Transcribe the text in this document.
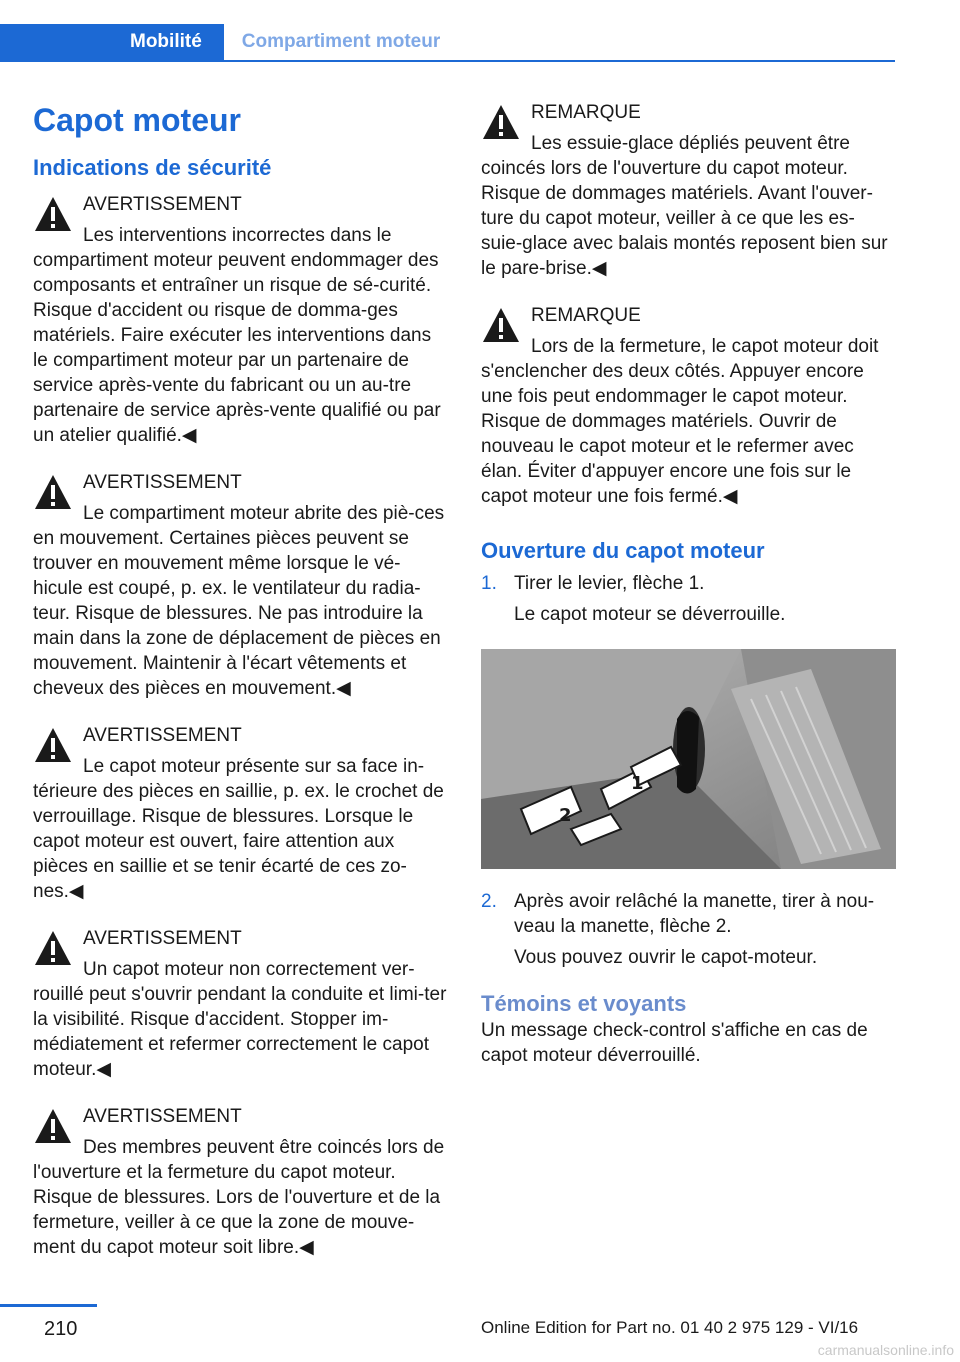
Mobilité	Compartiment moteur
Capot moteur
Indications de sécurité
AVERTISSEMENT
Les interventions incorrectes dans le compartiment moteur peuvent endommager des composants et entraîner un risque de sé‐curité. Risque d'accident ou risque de domma‐ges matériels. Faire exécuter les interventions dans le compartiment moteur par un partenaire de service après-vente du fabricant ou un au‐tre partenaire de service après-vente qualifié ou par un atelier qualifié.◀
AVERTISSEMENT
Le compartiment moteur abrite des piè‐ces en mouvement. Certaines pièces peuvent se trouver en mouvement même lorsque le vé‐hicule est coupé, p. ex. le ventilateur du radia‐teur. Risque de blessures. Ne pas introduire la main dans la zone de déplacement de pièces en mouvement. Maintenir à l'écart vêtements et cheveux des pièces en mouvement.◀
AVERTISSEMENT
Le capot moteur présente sur sa face in‐térieure des pièces en saillie, p. ex. le crochet de verrouillage. Risque de blessures. Lorsque le capot moteur est ouvert, faire attention aux pièces en saillie et se tenir écarté de ces zo‐nes.◀
AVERTISSEMENT
Un capot moteur non correctement ver‐rouillé peut s'ouvrir pendant la conduite et limi‐ter la visibilité. Risque d'accident. Stopper im‐médiatement et refermer correctement le capot moteur.◀
AVERTISSEMENT
Des membres peuvent être coincés lors de l'ouverture et la fermeture du capot moteur. Risque de blessures. Lors de l'ouverture et de la fermeture, veiller à ce que la zone de mouve‐ment du capot moteur soit libre.◀
REMARQUE
Les essuie-glace dépliés peuvent être coincés lors de l'ouverture du capot moteur. Risque de dommages matériels. Avant l'ouver‐ture du capot moteur, veiller à ce que les es‐suie-glace avec balais montés reposent bien sur le pare-brise.◀
REMARQUE
Lors de la fermeture, le capot moteur doit s'enclencher des deux côtés. Appuyer encore une fois peut endommager le capot moteur. Risque de dommages matériels. Ouvrir de nouveau le capot moteur et le refermer avec élan. Éviter d'appuyer encore une fois sur le capot moteur une fois fermé.◀
Ouverture du capot moteur
1. Tirer le levier, flèche 1.
Le capot moteur se déverrouille.
1
2
2. Après avoir relâché la manette, tirer à nou‐veau la manette, flèche 2.
Vous pouvez ouvrir le capot-moteur.
Témoins et voyants

Un message check-control s'affiche en cas de capot moteur déverrouillé.

210	Online Edition for Part no. 01 40 2 975 129 - VI/16
carmanualsonline.info
